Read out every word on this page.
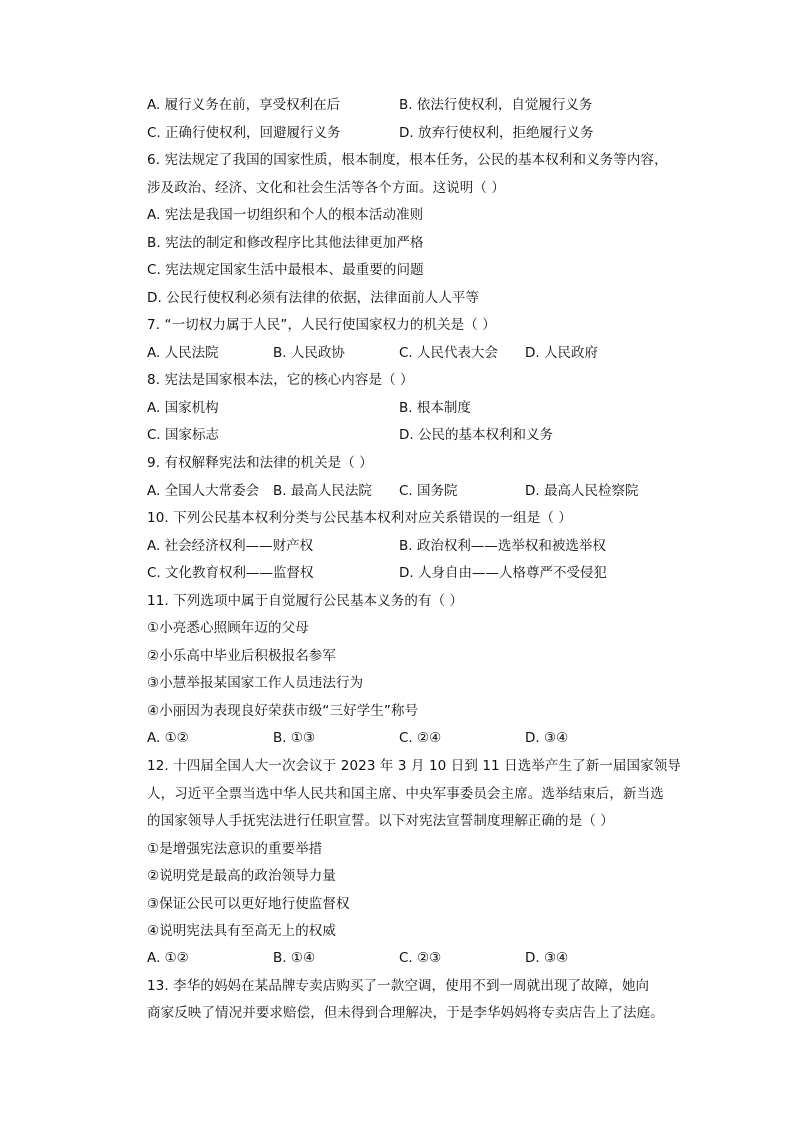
A. 履行义务在前，享受权利在后	B. 依法行使权利，自觉履行义务
C. 正确行使权利，回避履行义务	D. 放弃行使权利，拒绝履行义务
6. 宪法规定了我国的国家性质，根本制度，根本任务，公民的基本权利和义务等内容，
涉及政治、经济、文化和社会生活等各个方面。这说明（ ）
A. 宪法是我国一切组织和个人的根本活动准则
B. 宪法的制定和修改程序比其他法律更加严格
C. 宪法规定国家生活中最根本、最重要的问题
D. 公民行使权利必须有法律的依据，法律面前人人平等
7. “一切权力属于人民”，人民行使国家权力的机关是（ ）
A. 人民法院	B. 人民政协	C. 人民代表大会 D. 人民政府
8. 宪法是国家根本法，它的核心内容是（ ）
A. 国家机构	B. 根本制度
C. 国家标志	D. 公民的基本权利和义务
9. 有权解释宪法和法律的机关是（ ）
A. 全国人大常委会 B. 最高人民法院 C. 国务院	D. 最高人民检察院
10. 下列公民基本权利分类与公民基本权利对应关系错误的一组是（ ）
A. 社会经济权利——财产权	B. 政治权利——选举权和被选举权
C. 文化教育权利——监督权	D. 人身自由——人格尊严不受侵犯
11. 下列选项中属于自觉履行公民基本义务的有（ ）
①小亮悉心照顾年迈的父母
②小乐高中毕业后积极报名参军
③小慧举报某国家工作人员违法行为
④小丽因为表现良好荣获市级“三好学生”称号
A. ①②	B. ①③	C. ②④	D. ③④
12. 十四届全国人大一次会议于 2023 年 3 月 10 日到 11 日选举产生了新一届国家领导
人，习近平全票当选中华人民共和国主席、中央军事委员会主席。选举结束后，新当选
的国家领导人手抚宪法进行任职宣誓。以下对宪法宣誓制度理解正确的是（ ）
①是增强宪法意识的重要举措
②说明党是最高的政治领导力量
③保证公民可以更好地行使监督权
④说明宪法具有至高无上的权威
A. ①②	B. ①④	C. ②③	D. ③④
13. 李华的妈妈在某品牌专卖店购买了一款空调，使用不到一周就出现了故障，她向
商家反映了情况并要求赔偿，但未得到合理解决，于是李华妈妈将专卖店告上了法庭。
